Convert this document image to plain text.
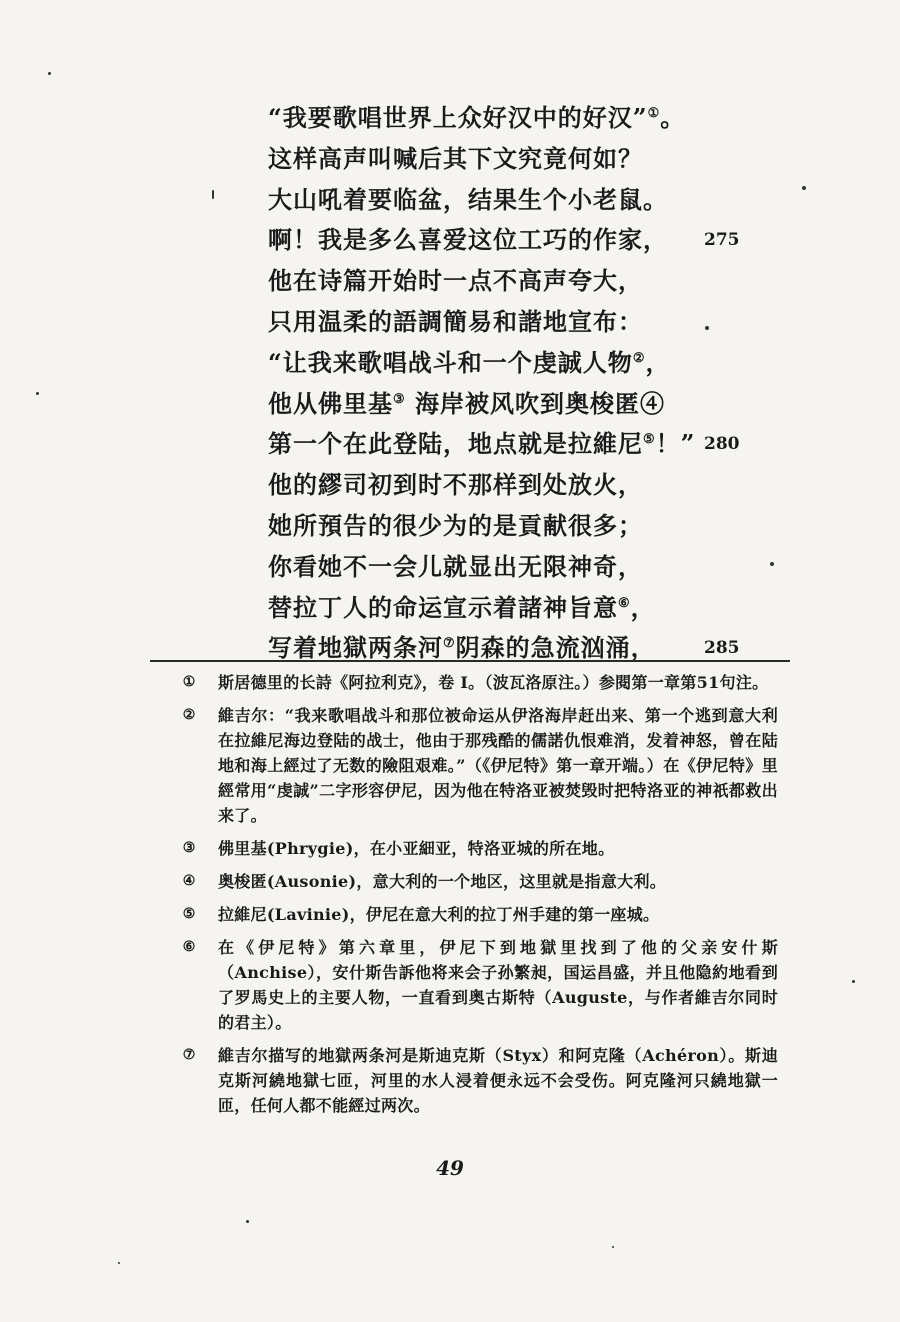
“我要歌唱世界上众好汉中的好汉”①。
这样高声叫喊后其下文究竟何如？
大山吼着要临盆，结果生个小老鼠。
啊！我是多么喜爱这位工巧的作家， 275
他在诗篇开始时一点不高声夸大，
只用温柔的語調簡易和諧地宣布：
“让我来歌唱战斗和一个虔誠人物②，
他从佛里基③ 海岸被风吹到奥梭匿④
第一个在此登陆，地点就是拉維尼⑤！” 280
他的繆司初到时不那样到处放火，
她所預告的很少为的是貢献很多；
你看她不一会儿就显出无限神奇，
替拉丁人的命运宣示着諸神旨意⑥，
写着地獄两条河⑦阴森的急流汹涌，	285
① 斯居德里的长詩《阿拉利克》，卷 I。（波瓦洛原注。）参閱第一章第51句注。
② 維吉尔：“我来歌唱战斗和那位被命运从伊洛海岸赶出来、第一个逃到意大利在拉維尼海边登陆的战士，他由于那残酷的儒諾仇恨难消，发着神怒，曾在陆地和海上經过了无数的險阻艰难。”（《伊尼特》第一章开端。）在《伊尼特》里經常用“虔誠”二字形容伊尼，因为他在特洛亚被焚毁时把特洛亚的神祇都救出来了。
③ 佛里基(Phrygie)，在小亚細亚，特洛亚城的所在地。
④ 奥梭匿(Ausonie)，意大利的一个地区，这里就是指意大利。
⑤ 拉維尼(Lavinie)，伊尼在意大利的拉丁州手建的第一座城。
⑥ 在《伊尼特》第六章里，伊尼下到地獄里找到了他的父亲安什斯（Anchise），安什斯告訴他将来会子孙繁昶，国运昌盛，并且他隐約地看到了罗馬史上的主要人物，一直看到奥古斯特（Auguste，与作者維吉尔同时的君主）。
⑦ 維吉尔描写的地獄两条河是斯迪克斯（Styx）和阿克隆（Achéron）。斯迪克斯河繞地獄七匝，河里的水人浸着便永远不会受伤。阿克隆河只繞地獄一匝，任何人都不能經过两次。
49
